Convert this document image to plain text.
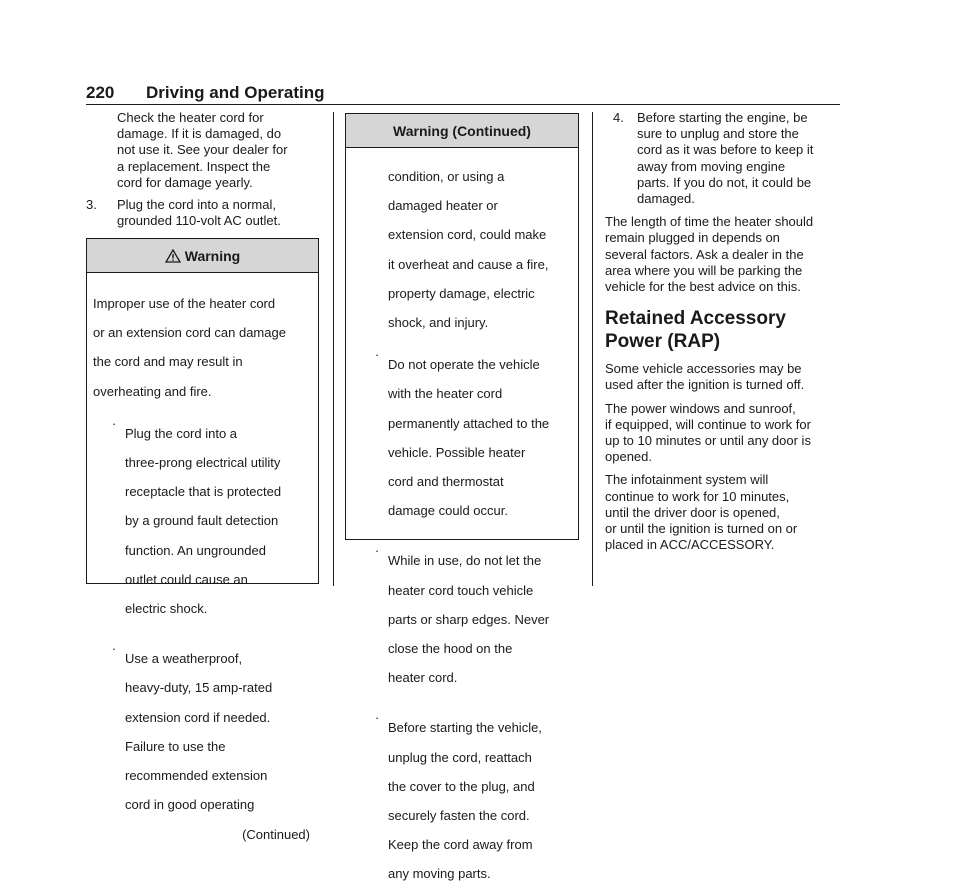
220 Driving and Operating

Check the heater cord for

damage. If it is damaged, do

not use it. See your dealer for

a replacement. Inspect the

cord for damage yearly.

3.	Plug the cord into a normal,

grounded 110-volt AC outlet.

Warning

Improper use of the heater cord

or an extension cord can damage

the cord and may result in

overheating and fire.

.

Plug the cord into a

three-prong electrical utility

receptacle that is protected

by a ground fault detection

function. An ungrounded

outlet could cause an

electric shock.

.

Use a weatherproof,

heavy-duty, 15 amp-rated

extension cord if needed.

Failure to use the

recommended extension

cord in good operating

(Continued)

Warning (Continued)

condition, or using a

damaged heater or

extension cord, could make

it overheat and cause a fire,

property damage, electric

shock, and injury.

.

Do not operate the vehicle

with the heater cord

permanently attached to the

vehicle. Possible heater

cord and thermostat

damage could occur.

.

While in use, do not let the

heater cord touch vehicle

parts or sharp edges. Never

close the hood on the

heater cord.

.

Before starting the vehicle,

unplug the cord, reattach

the cover to the plug, and

securely fasten the cord.

Keep the cord away from

any moving parts.

4.	Before starting the engine, be

sure to unplug and store the

cord as it was before to keep it

away from moving engine

parts. If you do not, it could be

damaged.

The length of time the heater should

remain plugged in depends on

several factors. Ask a dealer in the

area where you will be parking the

vehicle for the best advice on this.

Retained Accessory

Power (RAP)

Some vehicle accessories may be

used after the ignition is turned off.

The power windows and sunroof,

if equipped, will continue to work for

up to 10 minutes or until any door is

opened.

The infotainment system will

continue to work for 10 minutes,

until the driver door is opened,

or until the ignition is turned on or

placed in ACC/ACCESSORY.
